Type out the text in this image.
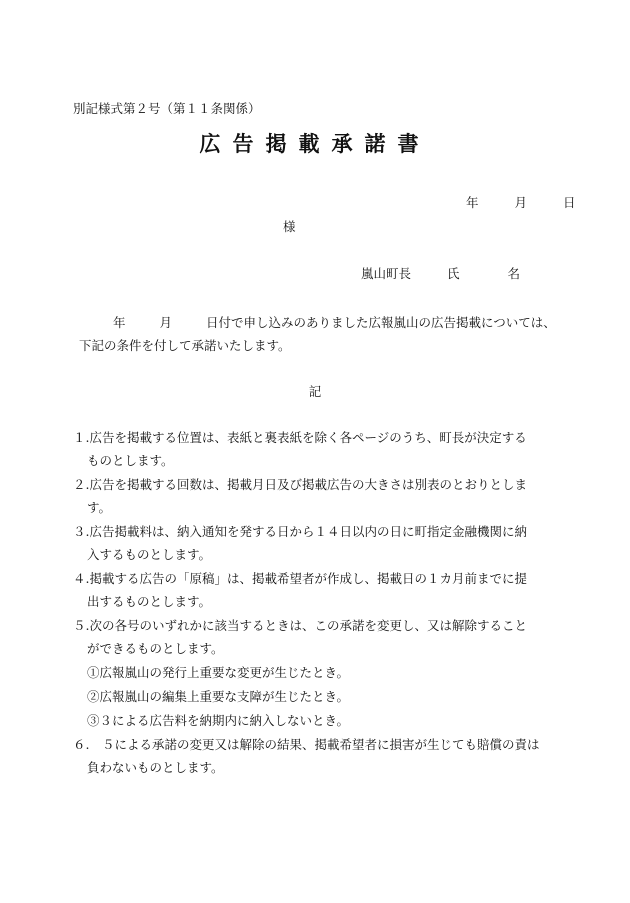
別記様式第２号（第１１条関係）
広告掲載承諾書
年	月	日
様
嵐山町長	氏	名
年	月	日付で申し込みのありました広報嵐山の広告掲載については、
下記の条件を付して承諾いたします。
記
１.広告を掲載する位置は、表紙と裏表紙を除く各ページのうち、町長が決定する
ものとします。
２.広告を掲載する回数は、掲載月日及び掲載広告の大きさは別表のとおりとしま
す。
３.広告掲載料は、納入通知を発する日から１４日以内の日に町指定金融機関に納
入するものとします。
４.掲載する広告の「原稿」は、掲載希望者が作成し、掲載日の１カ月前までに提
出するものとします。
５.次の各号のいずれかに該当するときは、この承諾を変更し、又は解除すること
ができるものとします。
①広報嵐山の発行上重要な変更が生じたとき。
②広報嵐山の編集上重要な支障が生じたとき。
③３による広告料を納期内に納入しないとき。
６.　５による承諾の変更又は解除の結果、掲載希望者に損害が生じても賠償の責は
負わないものとします。
